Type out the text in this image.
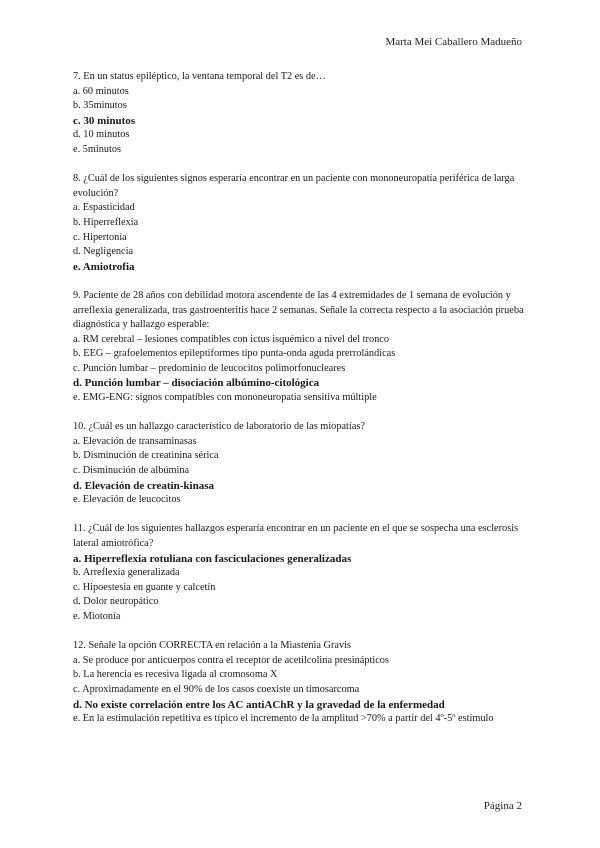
Marta Mei Caballero Madueño

7. En un status epiléptico, la ventana temporal del T2 es de…

a. 60 minutos
b. 35minutos
c. 30 minutos
d. 10 minutos
e. 5minutos

8. ¿Cuál de los siguientes signos esperaría encontrar en un paciente con mononeuropatía periférica de larga evolución?

a. Espasticidad
b. Hiperreflexia
c. Hipertonía
d. Negligencia
e. Amiotrofia

9. Paciente de 28 años con debilidad motora ascendente de las 4 extremidades de 1 semana de evolución y arreflexia generalizada, tras gastroenteritis hace 2 semanas. Señale la correcta respecto a la asociación prueba diagnóstica y hallazgo esperable:

a. RM cerebral – lesiones compatibles con ictus isquémico a nivel del tronco
b. EEG – grafoelementos epileptiformes tipo punta-onda aguda prerrolándicas
c. Punción lumbar – predominio de leucocitos polimorfonucleares
d. Punción lumbar – disociación albúmino-citológica
e. EMG-ENG: signos compatibles con mononeuropatía sensitiva múltiple

10. ¿Cuál es un hallazgo característico de laboratorio de las miopatías?

a. Elevación de transaminasas
b. Disminución de creatinina sérica
c. Disminución de albúmina
d. Elevación de creatin-kinasa
e. Elevación de leucocitos

11. ¿Cuál de los siguientes hallazgos esperaría encontrar en un paciente en el que se sospecha una esclerosis lateral amiotrófica?

a. Hiperreflexia rotuliana con fasciculaciones generalizadas
b. Arreflexia generalizada
c. Hipoestesia en guante y calcetín
d. Dolor neuropático
e. Miotonía

12. Señale la opción CORRECTA en relación a la Miastenia Gravis

a. Se produce por anticuerpos contra el receptor de acetilcolina presinápticos
b. La herencia es recesiva ligada al cromosoma X
c. Aproximadamente en el 90% de los casos coexiste un timosarcoma
d. No existe correlación entre los AC antiAChR y la gravedad de la enfermedad
e. En la estimulación repetitiva es típico el incremento de la amplitud >70% a partir del 4º-5º estímulo
Página 2
